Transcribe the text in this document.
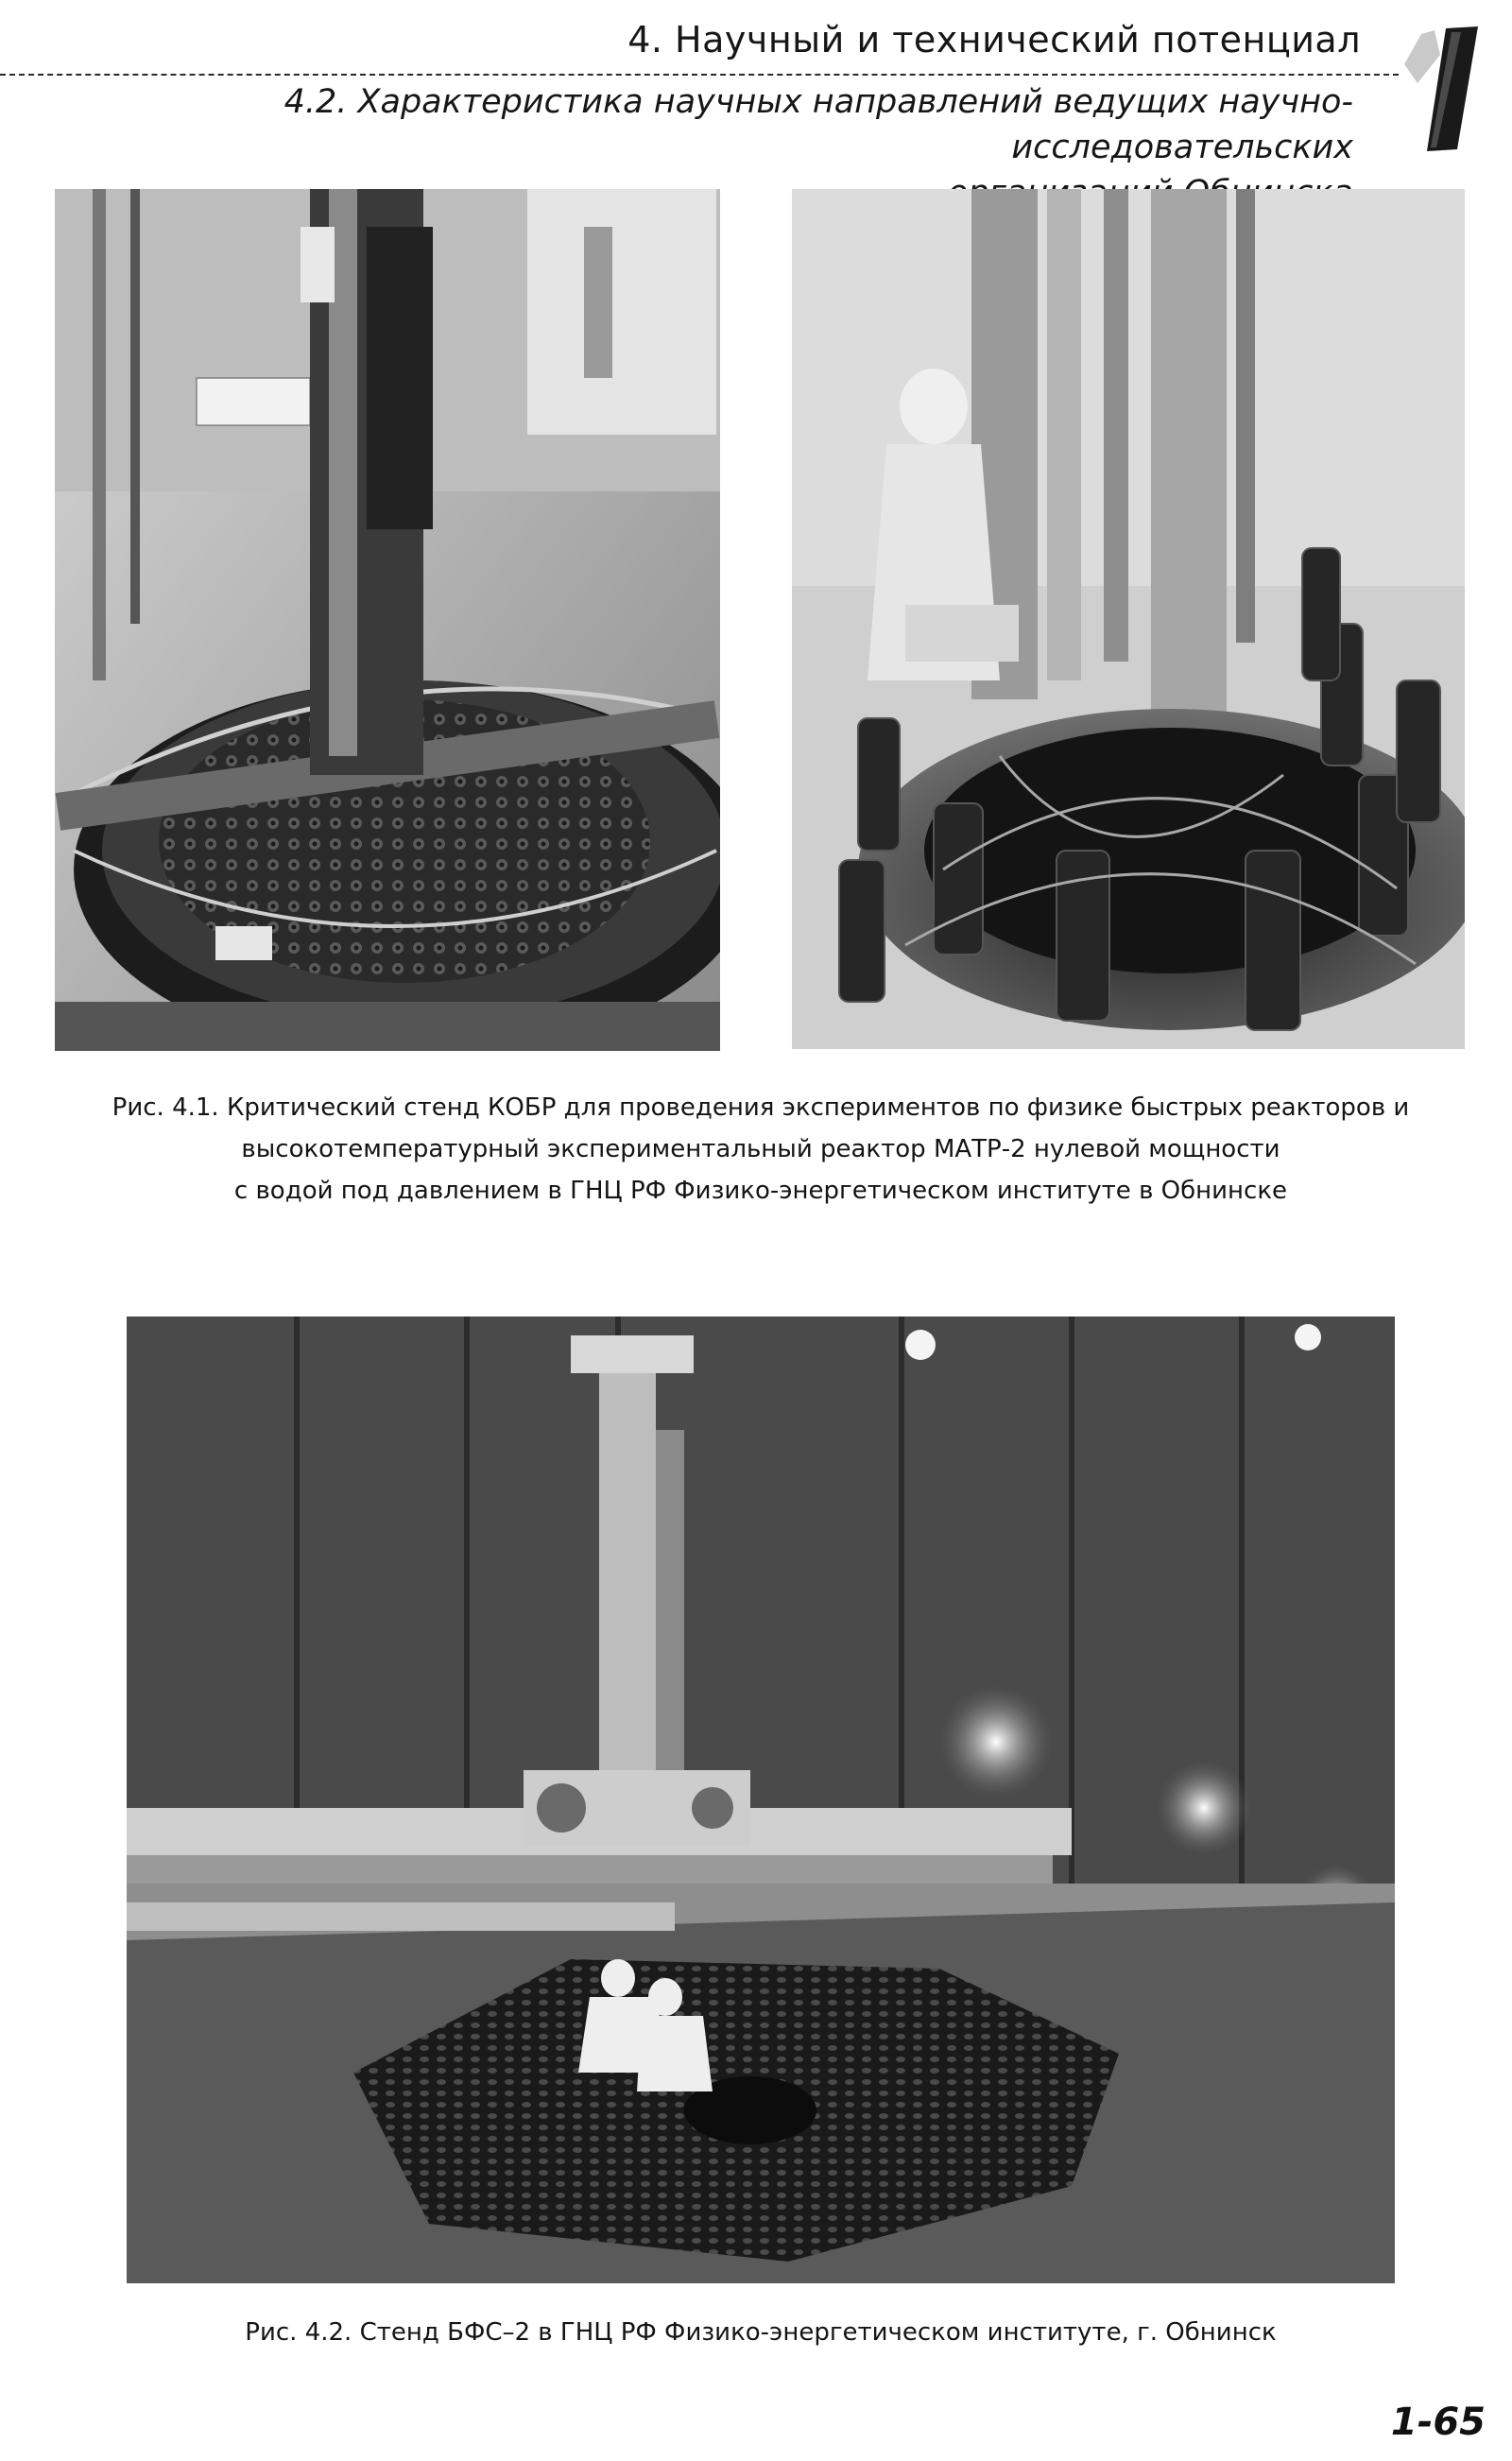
4. Научный и технический потенциал
4.2. Характеристика научных направлений ведущих научно-исследовательских
Рис. 4.1. Критический стенд КОБР для проведения экспериментов по физике быстрых реакторов и
высокотемпературный экспериментальный реактор МАТР-2 нулевой мощности
с водой под давлением в ГНЦ РФ Физико-энергетическом институте в Обнинске
Рис. 4.2. Стенд БФС–2 в ГНЦ РФ Физико-энергетическом институте, г. Обнинск
1-65
